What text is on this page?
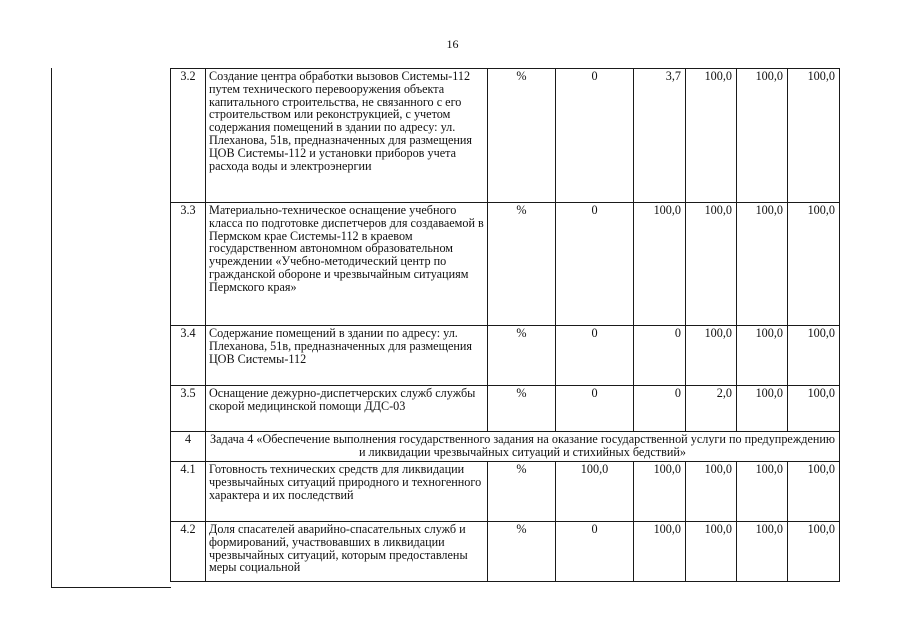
16
3.2	Создание центра обработки вызовов Системы-112 путем технического перевооружения объекта капитального строительства, не связанного с его строительством или реконструкцией, с учетом содержания помещений в здании по адресу: ул. Плеханова, 51в, предназначенных для размещения ЦОВ Системы-112 и установки приборов учета расхода воды и электроэнергии	%	0	3,7	100,0	100,0	100,0
3.3	Материально-техническое оснащение учебного класса по подготовке диспетчеров для создаваемой в Пермском крае Системы-112 в краевом государственном автономном образовательном учреждении «Учебно-методический центр по гражданской обороне и чрезвычайным ситуациям Пермского края»	%	0	100,0	100,0	100,0	100,0
3.4	Содержание помещений в здании по адресу: ул. Плеханова, 51в, предназначенных для размещения ЦОВ Системы-112	%	0	0	100,0	100,0	100,0
3.5	Оснащение дежурно-диспетчерских служб службы скорой медицинской помощи ДДС-03	%	0	0	2,0	100,0	100,0
4	Задача 4 «Обеспечение выполнения государственного задания на оказание государственной услуги по предупреждению и ликвидации чрезвычайных ситуаций и стихийных бедствий»						
4.1	Готовность технических средств для ликвидации чрезвычайных ситуаций природного и техногенного характера и их последствий	%	100,0	100,0	100,0	100,0	100,0
4.2	Доля спасателей аварийно-спасательных служб и формирований, участвовавших в ликвидации чрезвычайных ситуаций, которым предоставлены меры социальной	%	0	100,0	100,0	100,0	100,0
